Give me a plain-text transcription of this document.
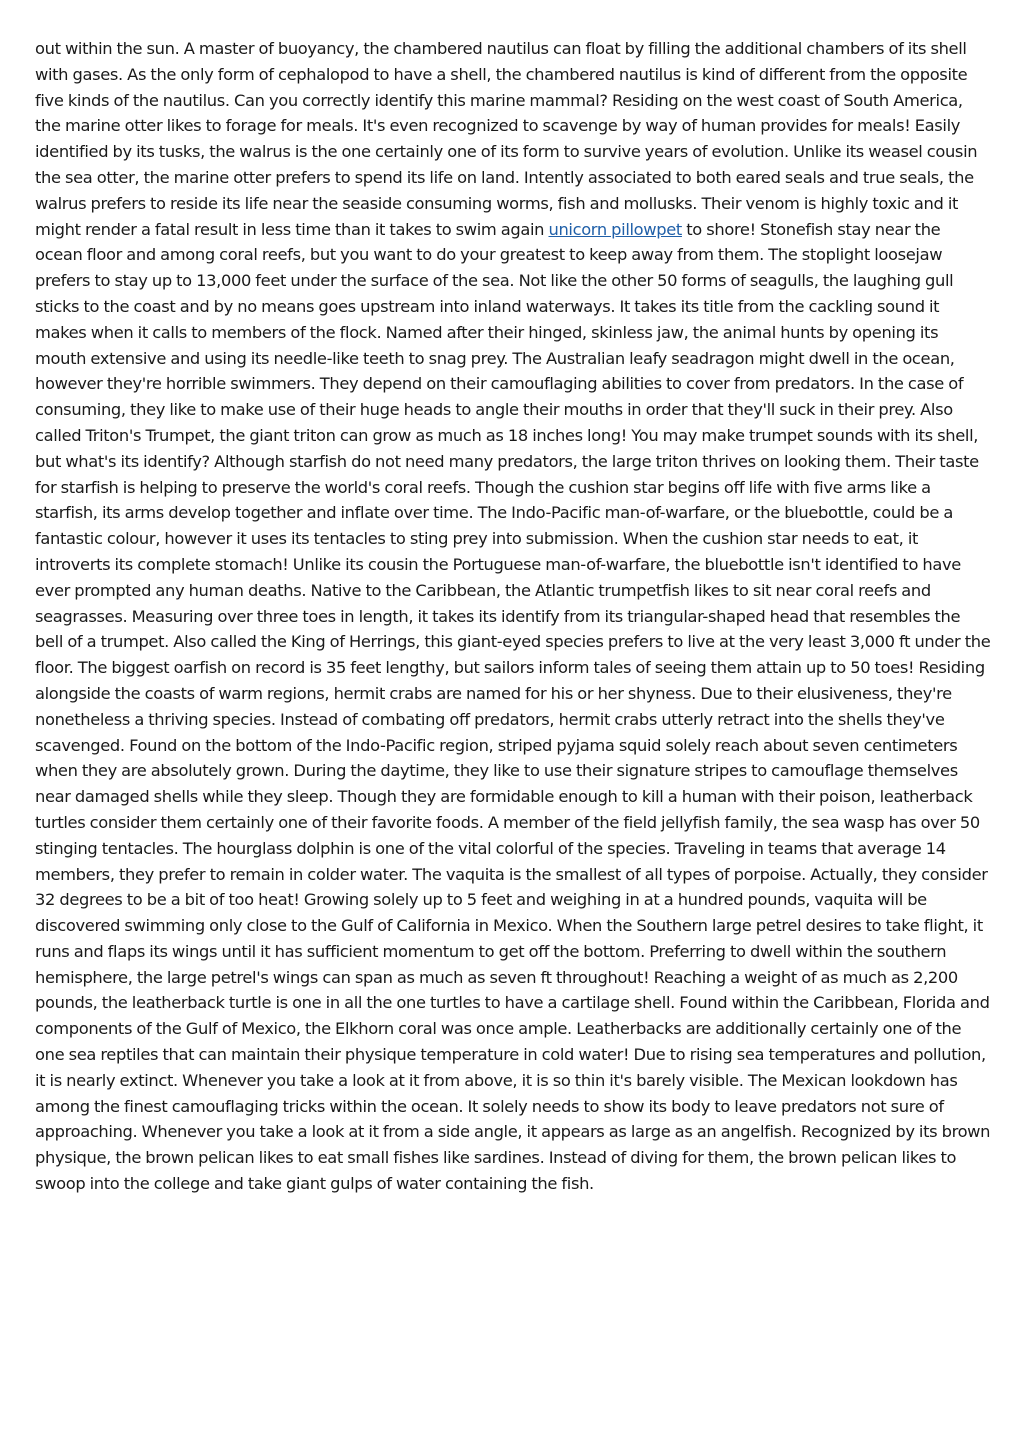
out within the sun. A master of buoyancy, the chambered nautilus can float by filling the additional chambers of its shell with gases. As the only form of cephalopod to have a shell, the chambered nautilus is kind of different from the opposite five kinds of the nautilus. Can you correctly identify this marine mammal? Residing on the west coast of South America, the marine otter likes to forage for meals. It's even recognized to scavenge by way of human provides for meals! Easily identified by its tusks, the walrus is the one certainly one of its form to survive years of evolution. Unlike its weasel cousin the sea otter, the marine otter prefers to spend its life on land. Intently associated to both eared seals and true seals, the walrus prefers to reside its life near the seaside consuming worms, fish and mollusks. Their venom is highly toxic and it might render a fatal result in less time than it takes to swim again unicorn pillowpet to shore! Stonefish stay near the ocean floor and among coral reefs, but you want to do your greatest to keep away from them. The stoplight loosejaw prefers to stay up to 13,000 feet under the surface of the sea. Not like the other 50 forms of seagulls, the laughing gull sticks to the coast and by no means goes upstream into inland waterways. It takes its title from the cackling sound it makes when it calls to members of the flock. Named after their hinged, skinless jaw, the animal hunts by opening its mouth extensive and using its needle-like teeth to snag prey. The Australian leafy seadragon might dwell in the ocean, however they're horrible swimmers. They depend on their camouflaging abilities to cover from predators. In the case of consuming, they like to make use of their huge heads to angle their mouths in order that they'll suck in their prey. Also called Triton's Trumpet, the giant triton can grow as much as 18 inches long! You may make trumpet sounds with its shell, but what's its identify? Although starfish do not need many predators, the large triton thrives on looking them. Their taste for starfish is helping to preserve the world's coral reefs. Though the cushion star begins off life with five arms like a starfish, its arms develop together and inflate over time. The Indo-Pacific man-of-warfare, or the bluebottle, could be a fantastic colour, however it uses its tentacles to sting prey into submission. When the cushion star needs to eat, it introverts its complete stomach! Unlike its cousin the Portuguese man-of-warfare, the bluebottle isn't identified to have ever prompted any human deaths. Native to the Caribbean, the Atlantic trumpetfish likes to sit near coral reefs and seagrasses. Measuring over three toes in length, it takes its identify from its triangular-shaped head that resembles the bell of a trumpet. Also called the King of Herrings, this giant-eyed species prefers to live at the very least 3,000 ft under the floor. The biggest oarfish on record is 35 feet lengthy, but sailors inform tales of seeing them attain up to 50 toes! Residing alongside the coasts of warm regions, hermit crabs are named for his or her shyness. Due to their elusiveness, they're nonetheless a thriving species. Instead of combating off predators, hermit crabs utterly retract into the shells they've scavenged. Found on the bottom of the Indo-Pacific region, striped pyjama squid solely reach about seven centimeters when they are absolutely grown. During the daytime, they like to use their signature stripes to camouflage themselves near damaged shells while they sleep. Though they are formidable enough to kill a human with their poison, leatherback turtles consider them certainly one of their favorite foods. A member of the field jellyfish family, the sea wasp has over 50 stinging tentacles. The hourglass dolphin is one of the vital colorful of the species. Traveling in teams that average 14 members, they prefer to remain in colder water. The vaquita is the smallest of all types of porpoise. Actually, they consider 32 degrees to be a bit of too heat! Growing solely up to 5 feet and weighing in at a hundred pounds, vaquita will be discovered swimming only close to the Gulf of California in Mexico. When the Southern large petrel desires to take flight, it runs and flaps its wings until it has sufficient momentum to get off the bottom. Preferring to dwell within the southern hemisphere, the large petrel's wings can span as much as seven ft throughout! Reaching a weight of as much as 2,200 pounds, the leatherback turtle is one in all the one turtles to have a cartilage shell. Found within the Caribbean, Florida and components of the Gulf of Mexico, the Elkhorn coral was once ample. Leatherbacks are additionally certainly one of the one sea reptiles that can maintain their physique temperature in cold water! Due to rising sea temperatures and pollution, it is nearly extinct. Whenever you take a look at it from above, it is so thin it's barely visible. The Mexican lookdown has among the finest camouflaging tricks within the ocean. It solely needs to show its body to leave predators not sure of approaching. Whenever you take a look at it from a side angle, it appears as large as an angelfish. Recognized by its brown physique, the brown pelican likes to eat small fishes like sardines. Instead of diving for them, the brown pelican likes to swoop into the college and take giant gulps of water containing the fish.
